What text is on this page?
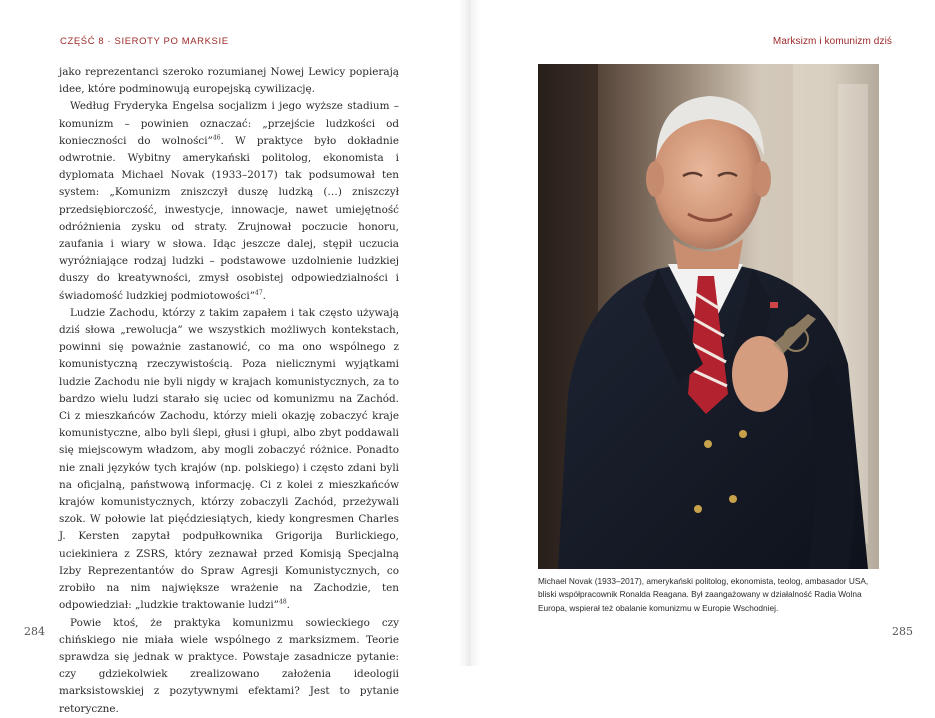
CZĘŚĆ 8 · SIEROTY PO MARKSIE

jako reprezentanci szeroko rozumianej Nowej Lewicy popierają idee, które podminowują europejską cywilizację.

Według Fryderyka Engelsa socjalizm i jego wyższe stadium – komunizm – powinien oznaczać: „przejście ludzkości od konieczności do wolności”$^{46}$. W praktyce było dokładnie odwrotnie. Wybitny amerykański politolog, ekonomista i dyplomata Michael Novak (1933–2017) tak podsumował ten system: „Komunizm zniszczył duszę ludzką (…) zniszczył przedsiębiorczość, inwestycje, innowacje, nawet umiejętność odróżnienia zysku od straty. Zrujnował poczucie honoru, zaufania i wiary w słowa. Idąc jeszcze dalej, stępił uczucia wyróżniające rodzaj ludzki – podstawowe uzdolnienie ludzkiej duszy do kreatywności, zmysł osobistej odpowiedzialności i świadomość ludzkiej podmiotowości”$^{47}$.

Ludzie Zachodu, którzy z takim zapałem i tak często używają dziś słowa „rewolucja” we wszystkich możliwych kontekstach, powinni się poważnie zastanowić, co ma ono wspólnego z komunistyczną rzeczywistością. Poza nielicznymi wyjątkami ludzie Zachodu nie byli nigdy w krajach komunistycznych, za to bardzo wielu ludzi starało się uciec od komunizmu na Zachód. Ci z mieszkańców Zachodu, którzy mieli okazję zobaczyć kraje komunistyczne, albo byli ślepi, głusi i głupi, albo zbyt poddawali się miejscowym władzom, aby mogli zobaczyć różnice. Ponadto nie znali języków tych krajów (np. polskiego) i często zdani byli na oficjalną, państwową informację. Ci z kolei z mieszkańców krajów komunistycznych, którzy zobaczyli Zachód, przeżywali szok. W połowie lat pięćdziesiątych, kiedy kongresmen Charles J. Kersten zapytał podpułkownika Grigorija Burlickiego, uciekiniera z ZSRS, który zeznawał przed Komisją Specjalną Izby Reprezentantów do Spraw Agresji Komunistycznych, co zrobiło na nim największe wrażenie na Zachodzie, ten odpowiedział: „ludzkie traktowanie ludzi”$^{48}$.

Powie ktoś, że praktyka komunizmu sowieckiego czy chińskiego nie miała wiele wspólnego z marksizmem. Teorie sprawdza się jednak w praktyce. Powstaje zasadnicze pytanie: czy gdziekolwiek zrealizowano założenia ideologii marksistowskiej z pozytywnymi efektami? Jest to pytanie retoryczne.

284
Marksizm i komunizm dziś
Michael Novak (1933–2017), amerykański politolog, ekonomista, teolog, ambasador USA, bliski współpracownik Ronalda Reagana. Był zaangażowany w działalność Radia Wolna Europa, wspierał też obalanie komunizmu w Europie Wschodniej.
285
